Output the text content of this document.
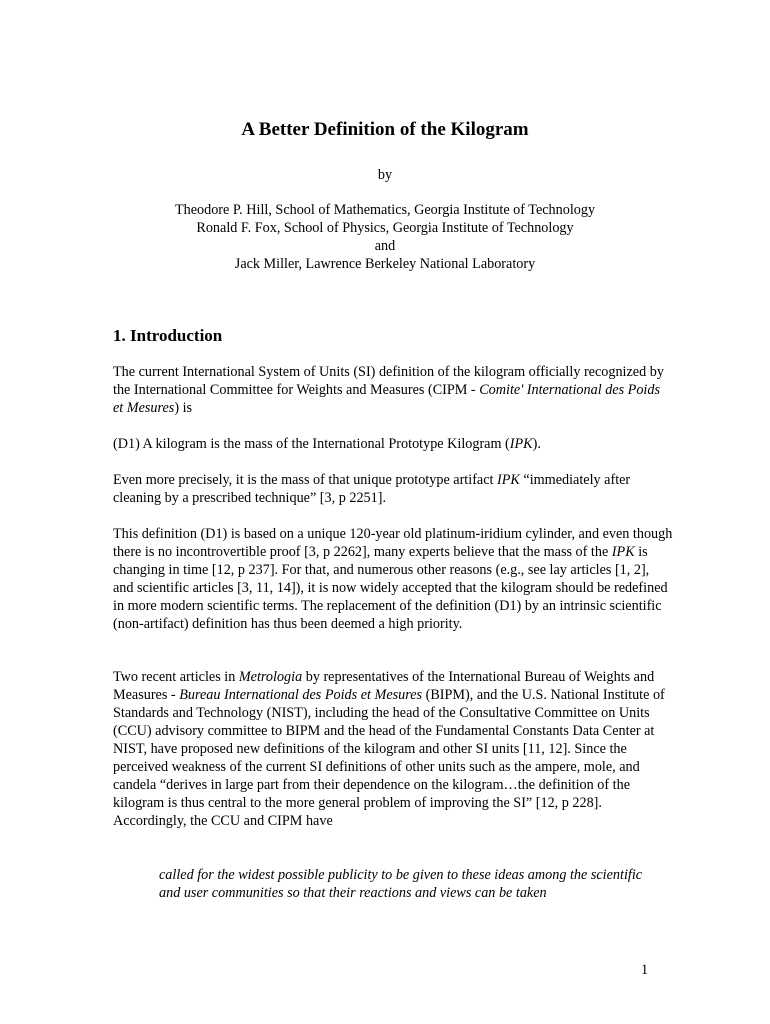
A Better Definition of the Kilogram
by
Theodore P. Hill, School of Mathematics, Georgia Institute of Technology
Ronald F. Fox, School of Physics, Georgia Institute of Technology
and
Jack Miller, Lawrence Berkeley National Laboratory
1. Introduction

The current International System of Units (SI) definition of the kilogram officially recognized by the International Committee for Weights and Measures (CIPM - Comite' International des Poids et Mesures) is

(D1) A kilogram is the mass of the International Prototype Kilogram (IPK).

Even more precisely, it is the mass of that unique prototype artifact IPK “immediately after cleaning by a prescribed technique” [3, p 2251].

This definition (D1) is based on a unique 120-year old platinum-iridium cylinder, and even though there is no incontrovertible proof [3, p 2262], many experts believe that the mass of the IPK is changing in time [12, p 237]. For that, and numerous other reasons (e.g., see lay articles [1, 2], and scientific articles [3, 11, 14]), it is now widely accepted that the kilogram should be redefined in more modern scientific terms. The replacement of the definition (D1) by an intrinsic scientific (non-artifact) definition has thus been deemed a high priority.

Two recent articles in Metrologia by representatives of the International Bureau of Weights and Measures - Bureau International des Poids et Mesures (BIPM), and the U.S. National Institute of Standards and Technology (NIST), including the head of the Consultative Committee on Units (CCU) advisory committee to BIPM and the head of the Fundamental Constants Data Center at NIST, have proposed new definitions of the kilogram and other SI units [11, 12]. Since the perceived weakness of the current SI definitions of other units such as the ampere, mole, and candela “derives in large part from their dependence on the kilogram…the definition of the kilogram is thus central to the more general problem of improving the SI” [12, p 228]. Accordingly, the CCU and CIPM have

called for the widest possible publicity to be given to these ideas among the scientific and user communities so that their reactions and views can be taken

1
